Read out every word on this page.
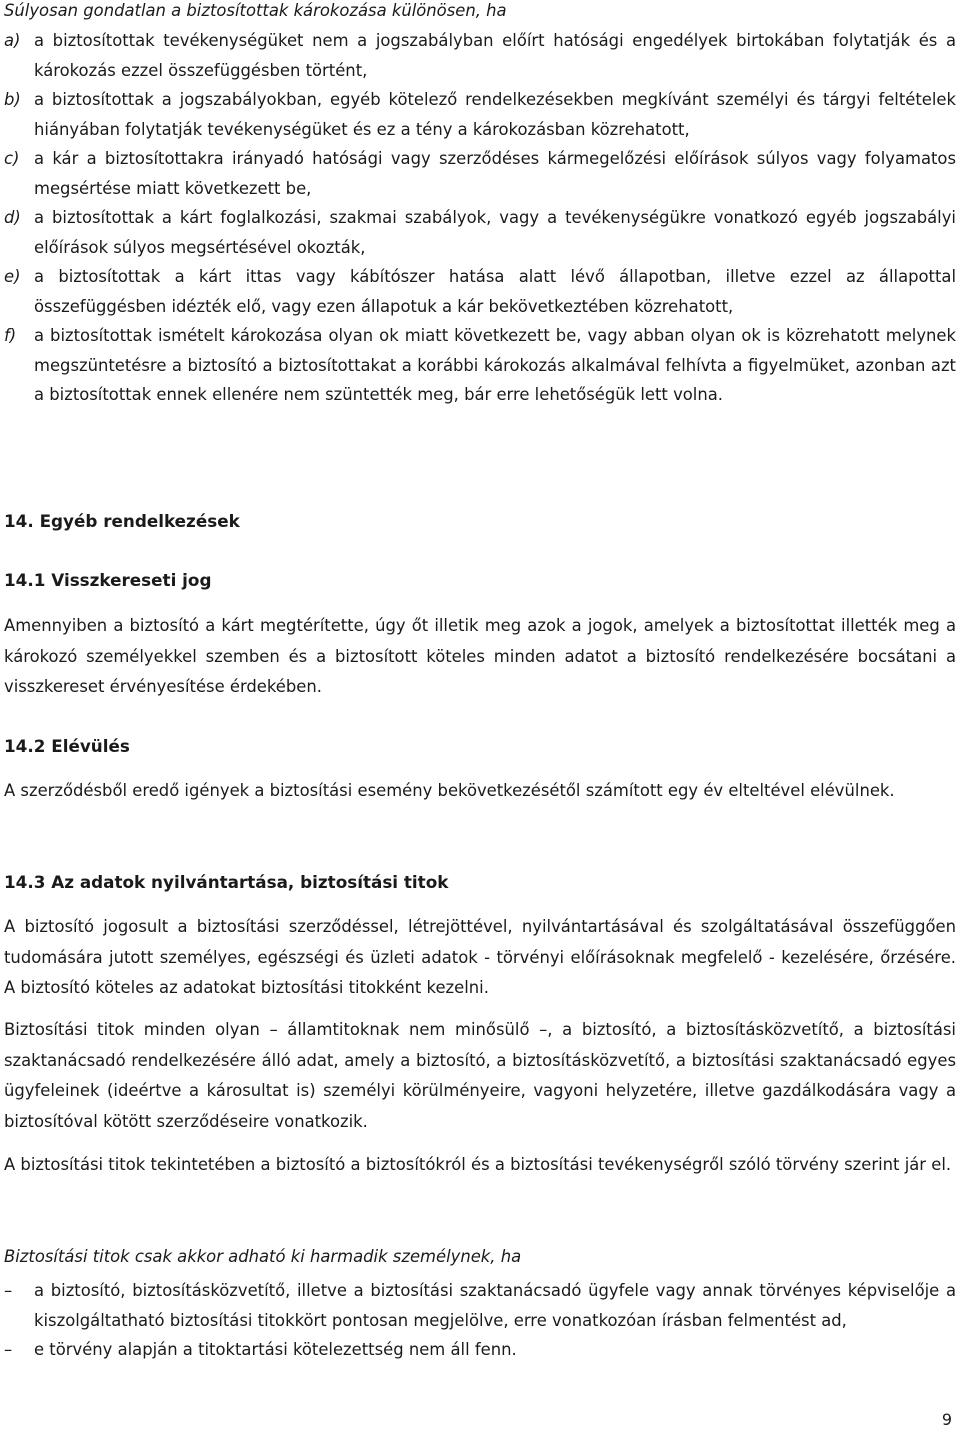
Súlyosan gondatlan a biztosítottak károkozása különösen, ha
a) a biztosítottak tevékenységüket nem a jogszabályban előírt hatósági engedélyek birtokában folytatják és a károkozás ezzel összefüggésben történt,
b) a biztosítottak a jogszabályokban, egyéb kötelező rendelkezésekben megkívánt személyi és tárgyi feltételek hiányában folytatják tevékenységüket és ez a tény a károkozásban közrehatott,
c) a kár a biztosítottakra irányadó hatósági vagy szerződéses kármegelőzési előírások súlyos vagy folyamatos megsértése miatt következett be,
d) a biztosítottak a kárt foglalkozási, szakmai szabályok, vagy a tevékenységükre vonatkozó egyéb jogszabályi előírások súlyos megsértésével okozták,
e) a biztosítottak a kárt ittas vagy kábítószer hatása alatt lévő állapotban, illetve ezzel az állapottal összefüggésben idézték elő, vagy ezen állapotuk a kár bekövetkeztében közrehatott,
f) a biztosítottak ismételt károkozása olyan ok miatt következett be, vagy abban olyan ok is közrehatott melynek megszüntetésre a biztosító a biztosítottakat a korábbi károkozás alkalmával felhívta a figyelmüket, azonban azt a biztosítottak ennek ellenére nem szüntették meg, bár erre lehetőségük lett volna.
14. Egyéb rendelkezések
14.1 Visszkereseti jog
Amennyiben a biztosító a kárt megtérítette, úgy őt illetik meg azok a jogok, amelyek a biztosítottat illették meg a károkozó személyekkel szemben és a biztosított köteles minden adatot a biztosító rendelkezésére bocsátani a visszkereset érvényesítése érdekében.
14.2 Elévülés
A szerződésből eredő igények a biztosítási esemény bekövetkezésétől számított egy év elteltével elévülnek.
14.3 Az adatok nyilvántartása, biztosítási titok
A biztosító jogosult a biztosítási szerződéssel, létrejöttével, nyilvántartásával és szolgáltatásával összefüggően tudomására jutott személyes, egészségi és üzleti adatok - törvényi előírásoknak megfelelő - kezelésére, őrzésére. A biztosító köteles az adatokat biztosítási titokként kezelni.
Biztosítási titok minden olyan – államtitoknak nem minősülő –, a biztosító, a biztosításközvetítő, a biztosítási szaktanácsadó rendelkezésére álló adat, amely a biztosító, a biztosításközvetítő, a biztosítási szaktanácsadó egyes ügyfeleinek (ideértve a károsultat is) személyi körülményeire, vagyoni helyzetére, illetve gazdálkodására vagy a biztosítóval kötött szerződéseire vonatkozik.
A biztosítási titok tekintetében a biztosító a biztosítókról és a biztosítási tevékenységről szóló törvény szerint jár el.
Biztosítási titok csak akkor adható ki harmadik személynek, ha
– a biztosító, biztosításközvetítő, illetve a biztosítási szaktanácsadó ügyfele vagy annak törvényes képviselője a kiszolgáltatható biztosítási titokkört pontosan megjelölve, erre vonatkozóan írásban felmentést ad,
– e törvény alapján a titoktartási kötelezettség nem áll fenn.
9
